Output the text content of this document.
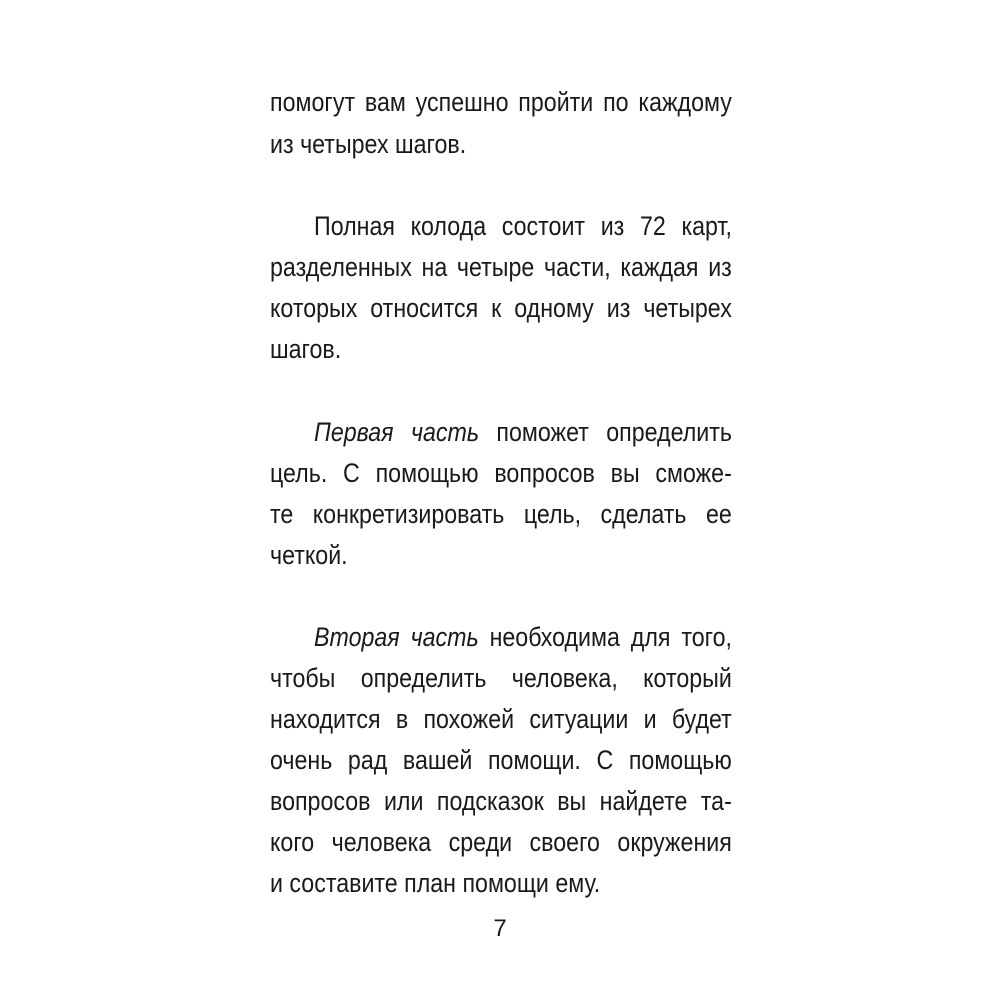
помогут вам успешно пройти по каждому
из четырех шагов.
Полная колода состоит из 72 карт,
разделенных на четыре части, каждая из
которых относится к одному из четырех
шагов.
Первая часть поможет определить
цель. С помощью вопросов вы сможе-
те конкретизировать цель, сделать ее
четкой.
Вторая часть необходима для того,
чтобы определить человека, который
находится в похожей ситуации и будет
очень рад вашей помощи. С помощью
вопросов или подсказок вы найдете та-
кого человека среди своего окружения
и составите план помощи ему.
7
